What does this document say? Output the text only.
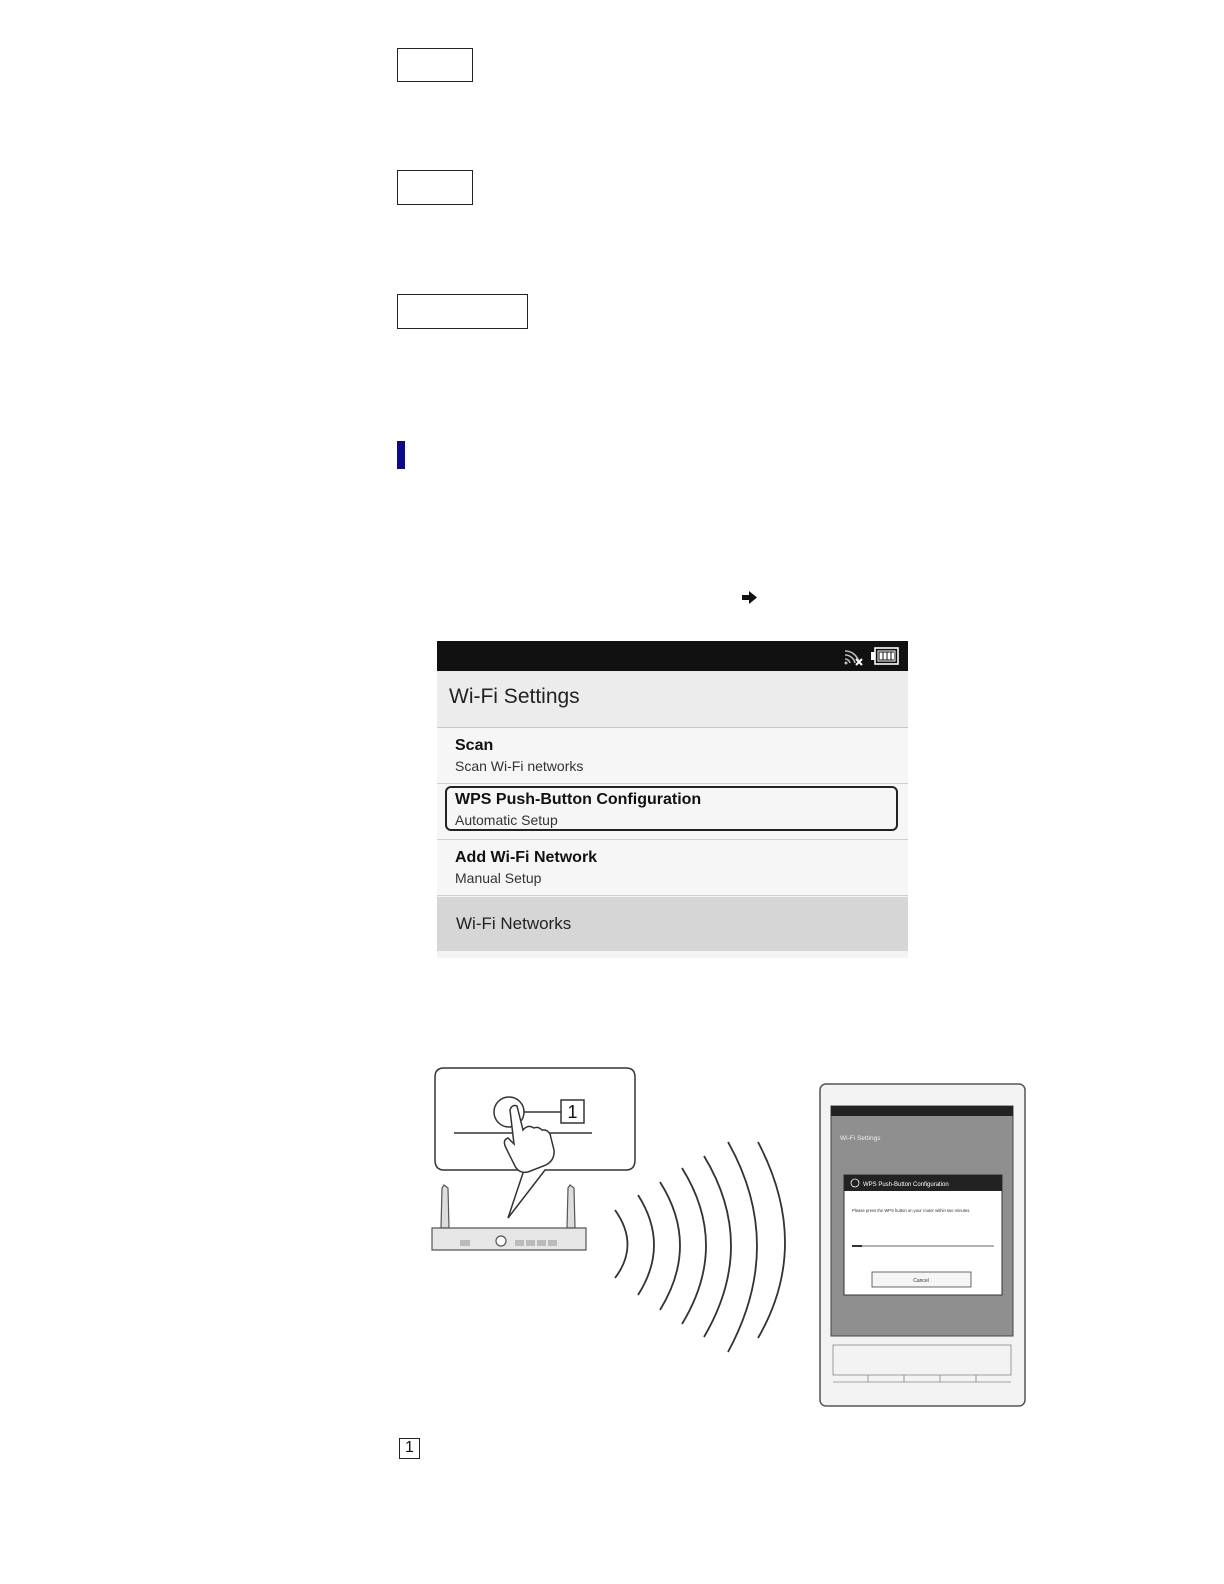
Wi-Fi Settings
Scan
Scan Wi-Fi networks
WPS Push-Button Configuration
Automatic Setup
Add Wi-Fi Network
Manual Setup
Wi-Fi Networks
1
Wi-Fi Settings
WPS Push-Button Configuration
Please press the WPS button on your router within two minutes.
Cancel
1
